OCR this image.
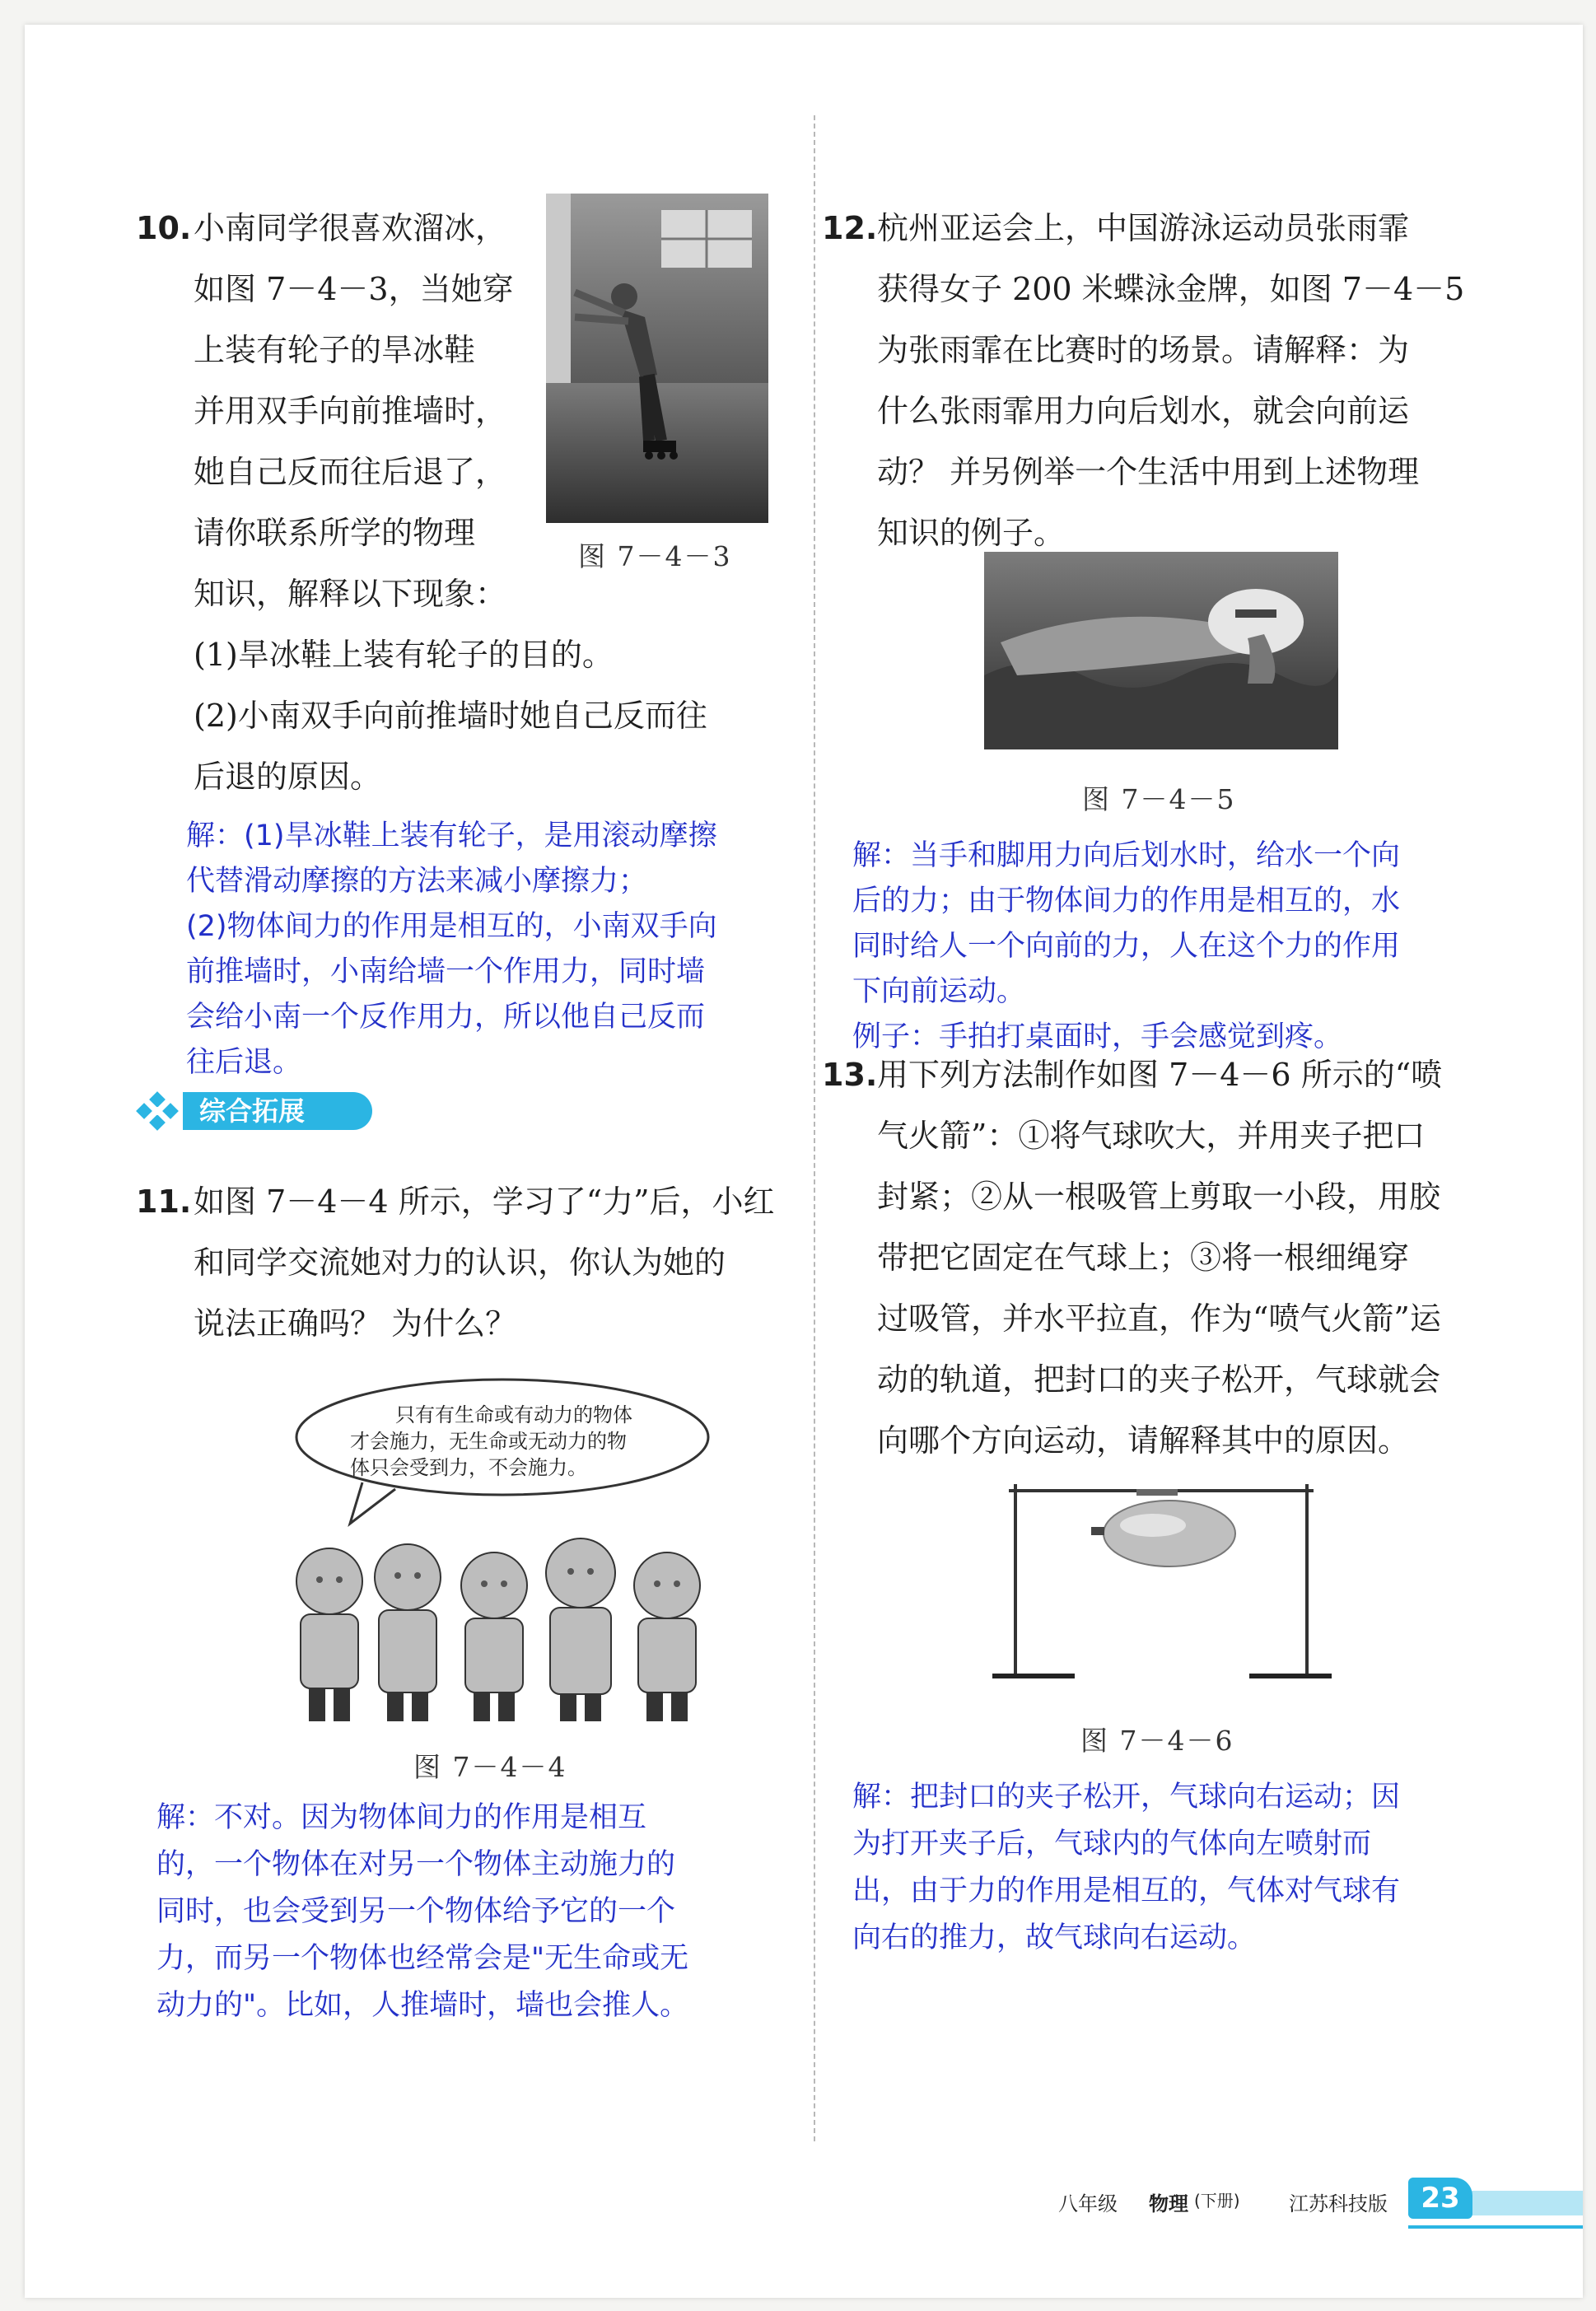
10. 小南同学很喜欢溜冰，
如图 7－4－3，当她穿
上装有轮子的旱冰鞋
并用双手向前推墙时，
她自己反而往后退了，
请你联系所学的物理
知识，解释以下现象：
图 7－4－3
(1)旱冰鞋上装有轮子的目的。
(2)小南双手向前推墙时她自己反而往
后退的原因。
解：(1)旱冰鞋上装有轮子，是用滚动摩擦
代替滑动摩擦的方法来减小摩擦力；
(2)物体间力的作用是相互的，小南双手向
前推墙时，小南给墙一个作用力，同时墙
会给小南一个反作用力，所以他自己反而
往后退。
综合拓展
11. 如图 7－4－4 所示，学习了“力”后，小红
和同学交流她对力的认识，你认为她的
说法正确吗？ 为什么？
只有有生命或有动力的物体
才会施力，无生命或无动力的物
体只会受到力，不会施力。
图 7－4－4
解：不对。因为物体间力的作用是相互
的，一个物体在对另一个物体主动施力的
同时，也会受到另一个物体给予它的一个
力，而另一个物体也经常会是"无生命或无
动力的"。比如，人推墙时，墙也会推人。
12. 杭州亚运会上，中国游泳运动员张雨霏
获得女子 200 米蝶泳金牌，如图 7－4－5
为张雨霏在比赛时的场景。请解释：为
什么张雨霏用力向后划水，就会向前运
动？ 并另例举一个生活中用到上述物理
知识的例子。
图 7－4－5
解：当手和脚用力向后划水时，给水一个向
后的力；由于物体间力的作用是相互的，水
同时给人一个向前的力，人在这个力的作用
下向前运动。
例子：手拍打桌面时，手会感觉到疼。
13. 用下列方法制作如图 7－4－6 所示的“喷
气火箭”：①将气球吹大，并用夹子把口
封紧；②从一根吸管上剪取一小段，用胶
带把它固定在气球上；③将一根细绳穿
过吸管，并水平拉直，作为“喷气火箭”运
动的轨道，把封口的夹子松开，气球就会
向哪个方向运动，请解释其中的原因。
图 7－4－6
解：把封口的夹子松开，气球向右运动；因
为打开夹子后，气球内的气体向左喷射而
出，由于力的作用是相互的，气体对气球有
向右的推力，故气球向右运动。
八年级 物理 (下册) 江苏科技版	23
